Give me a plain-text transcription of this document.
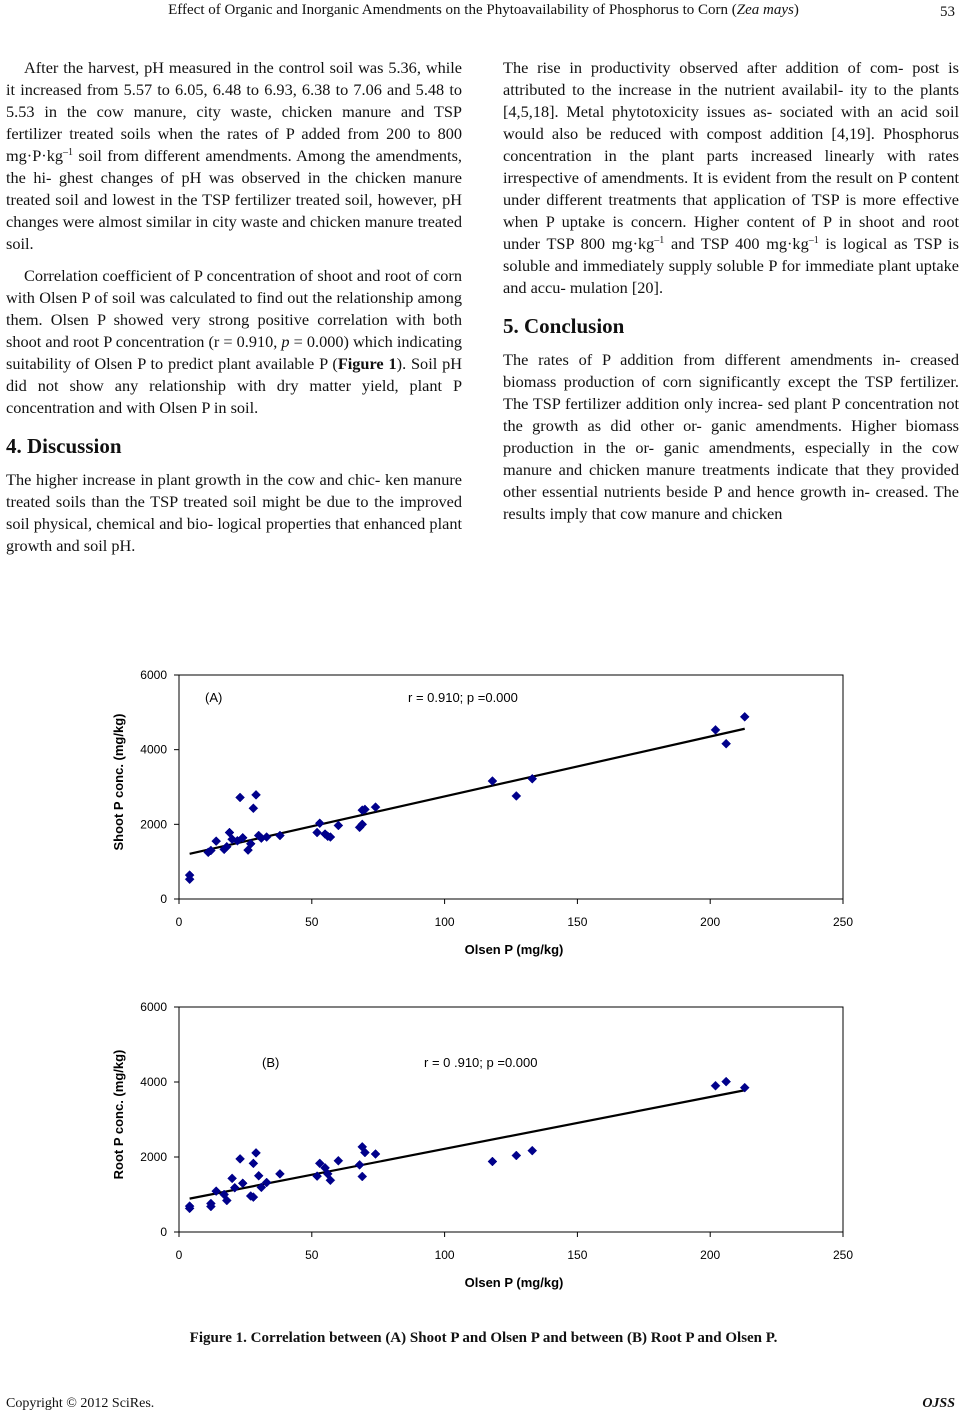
Effect of Organic and Inorganic Amendments on the Phytoavailability of Phosphorus to Corn (Zea mays)	53

After the harvest, pH measured in the control soil was 5.36, while it increased from 5.57 to 6.05, 6.48 to 6.93, 6.38 to 7.06 and 5.48 to 5.53 in the cow manure, city waste, chicken manure and TSP fertilizer treated soils when the rates of P added from 200 to 800 $mg\cdot P\cdot kg^{-1}$ soil from different amendments. Among the amendments, the hi- ghest changes of pH was observed in the chicken manure treated soil and lowest in the TSP fertilizer treated soil, however, pH changes were almost similar in city waste and chicken manure treated soil.

Correlation coefficient of P concentration of shoot and root of corn with Olsen P of soil was calculated to find out the relationship among them. Olsen P showed very strong positive correlation with both shoot and root P concentration (r = 0.910, p = 0.000) which indicating suitability of Olsen P to predict plant available P (Figure 1). Soil pH did not show any relationship with dry matter yield, plant P concentration and with Olsen P in soil.

4. Discussion

The higher increase in plant growth in the cow and chic- ken manure treated soils than the TSP treated soil might be due to the improved soil physical, chemical and bio- logical properties that enhanced plant growth and soil pH.

The rise in productivity observed after addition of com- post is attributed to the increase in the nutrient availabil- ity to the plants [4,5,18]. Metal phytotoxicity issues as- sociated with an acid soil would also be reduced with compost addition [4,19]. Phosphorus concentration in the plant parts increased linearly with rates irrespective of amendments. It is evident from the result on P content under different treatments that application of TSP is more effective when P uptake is concern. Higher content of P in shoot and root under TSP 800 $mg\cdot kg^{-1}$ and TSP 400 $mg\cdot kg^{-1}$ is logical as TSP is soluble and immediately supply soluble P for immediate plant uptake and accu- mulation [20].

5. Conclusion

The rates of P addition from different amendments in- creased biomass production of corn significantly except the TSP fertilizer. The TSP fertilizer addition only increa- sed plant P concentration not the growth as did other or- ganic amendments. Higher biomass production in the or- ganic amendments, especially in the cow manure and chicken manure treatments indicate that they provided other essential nutrients beside P and hence growth in- creased. The results imply that cow manure and chicken

0
2000
4000
6000
0	50	100	150	200	250
Olsen P (mg/kg)
Shoot P conc. (mg/kg)
(A)	r = 0.910; p =0.000
0
2000
4000
6000
0	50	100	150	200	250
Olsen P (mg/kg)
Root P conc. (mg/kg)	(B)	r = 0 .910; p =0.000
Figure 1. Correlation between (A) Shoot P and Olsen P and between (B) Root P and Olsen P.
Copyright © 2012 SciRes.	OJSS
